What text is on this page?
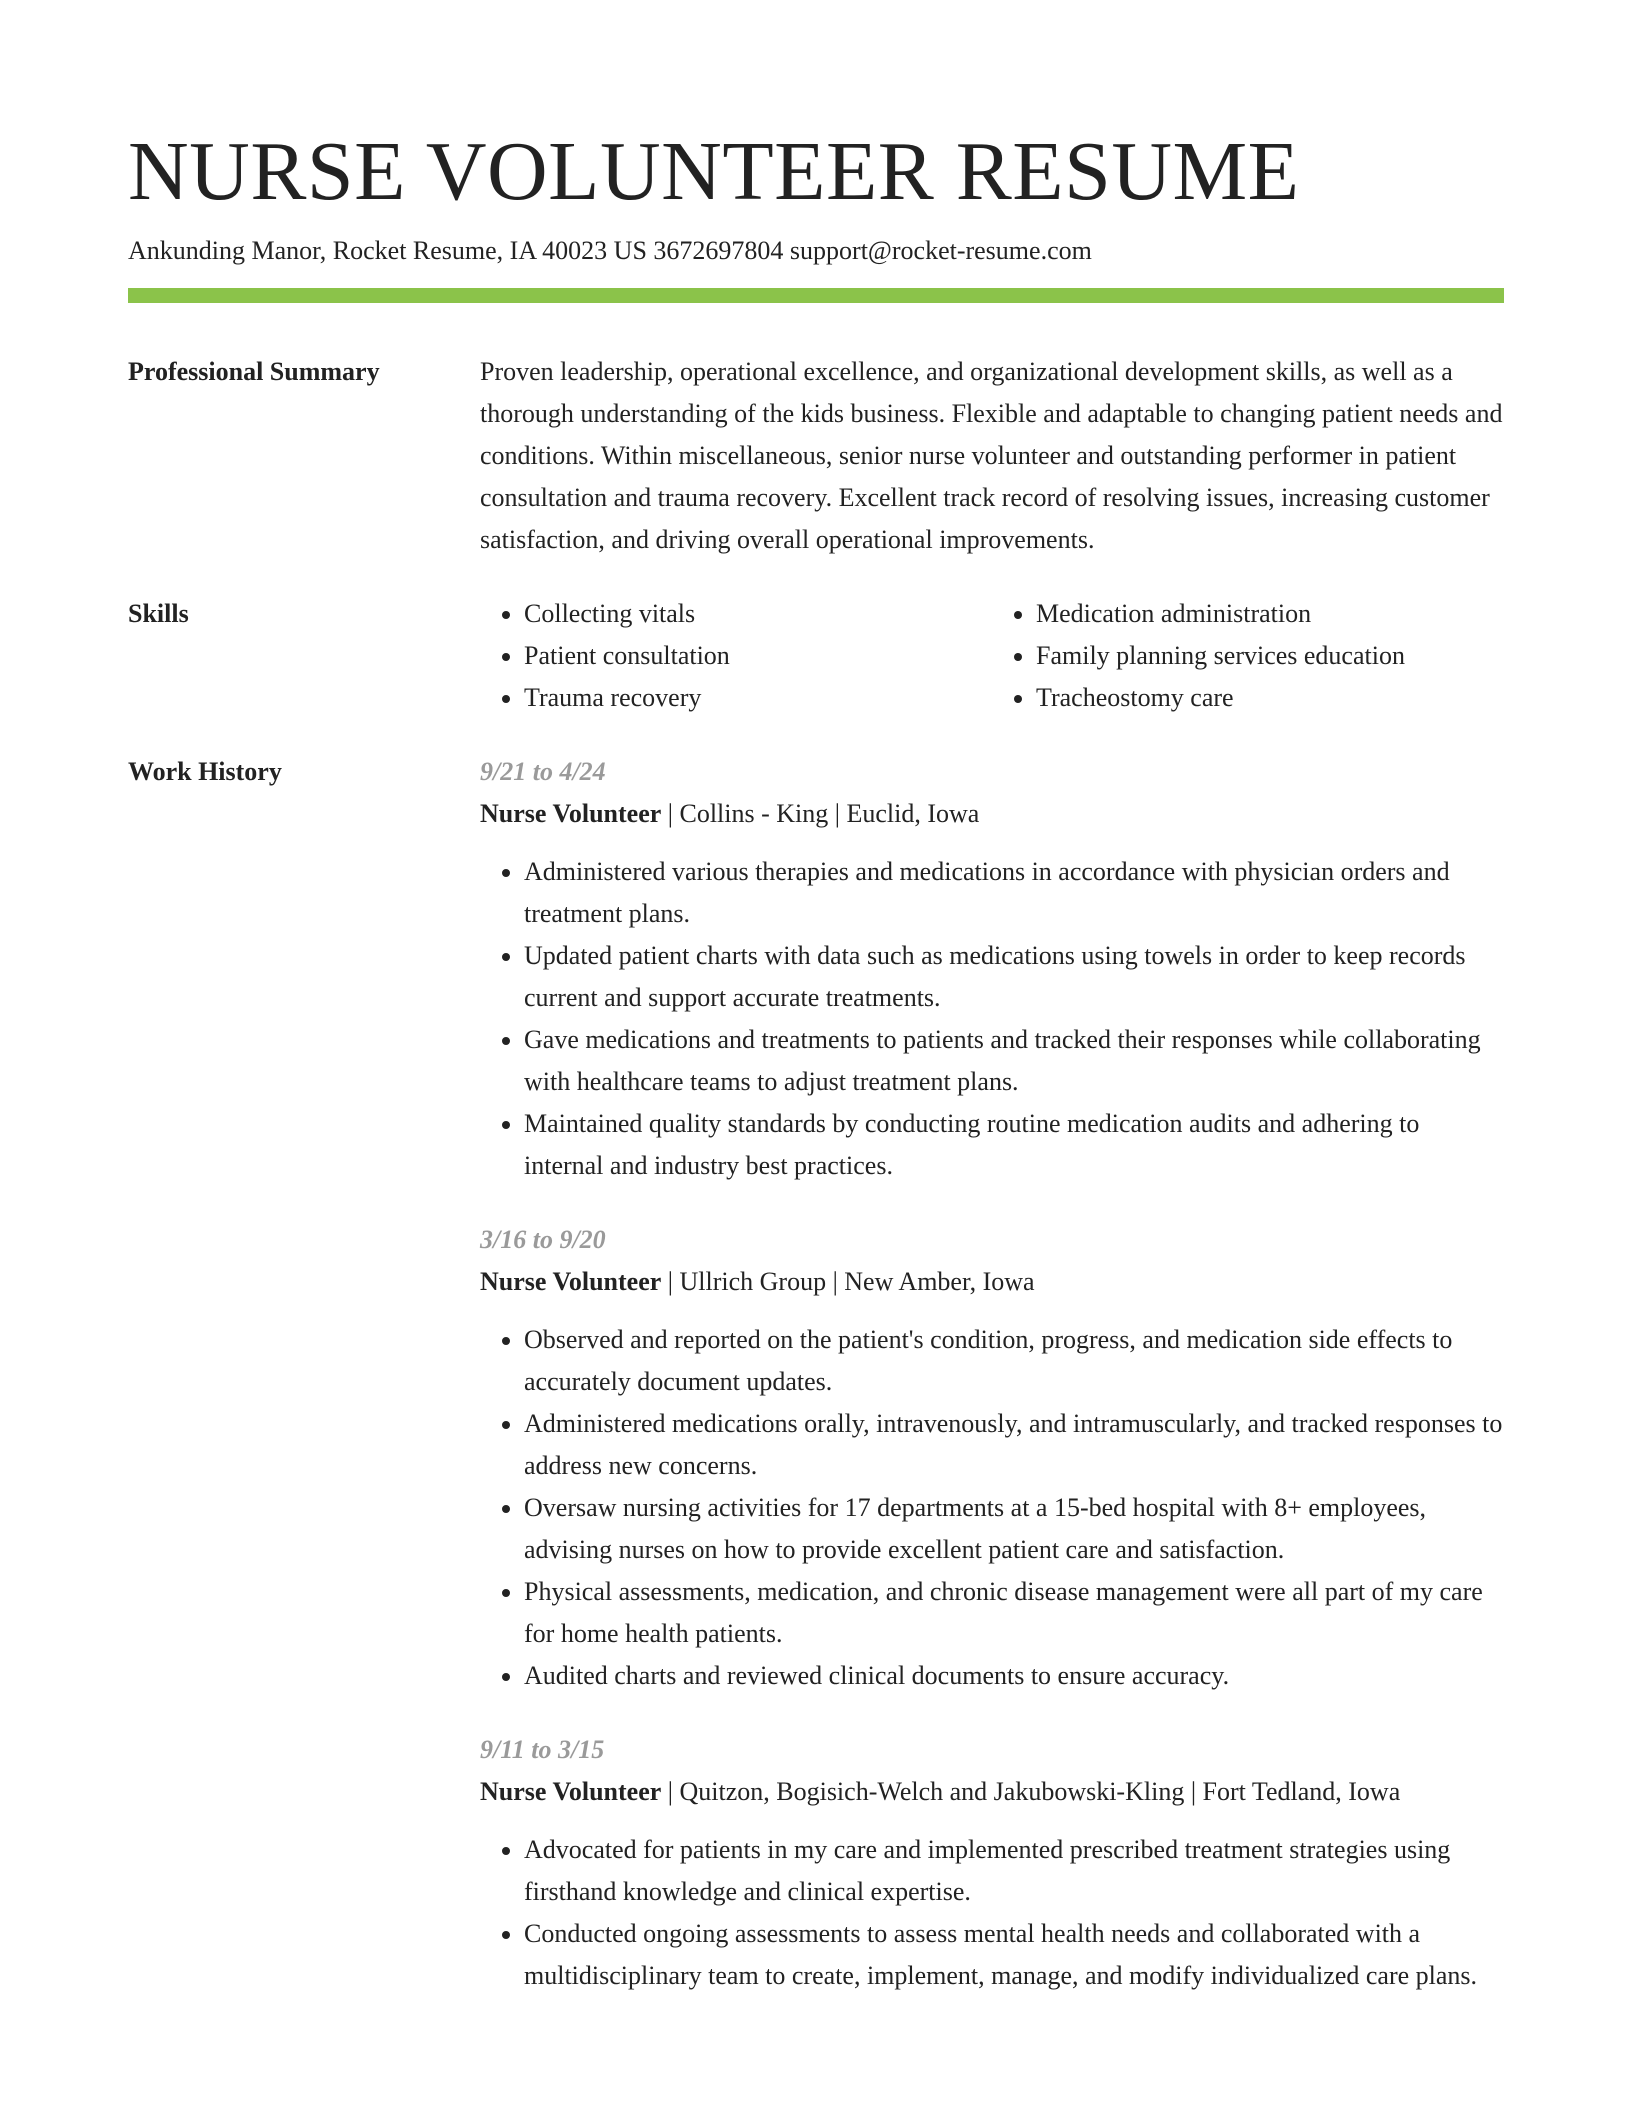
NURSE VOLUNTEER RESUME
Ankunding Manor, Rocket Resume, IA 40023 US 3672697804 support@rocket-resume.com
Professional Summary	Proven leadership, operational excellence, and organizational development skills, as well as a thorough understanding of the kids business. Flexible and adaptable to changing patient needs and conditions. Within miscellaneous, senior nurse volunteer and outstanding performer in patient consultation and trauma recovery. Excellent track record of resolving issues, increasing customer satisfaction, and driving overall operational improvements.

Skills
•	Collecting vitals
• Patient consultation
• Trauma recovery
• Medication administration
• Family planning services education
• Tracheostomy care
Work History	9/21 to 4/24
Nurse Volunteer | Collins - King | Euclid, Iowa
• Administered various therapies and medications in accordance with physician orders and treatment plans.
• Updated patient charts with data such as medications using towels in order to keep records current and support accurate treatments.
• Gave medications and treatments to patients and tracked their responses while collaborating with healthcare teams to adjust treatment plans.
• Maintained quality standards by conducting routine medication audits and adhering to internal and industry best practices.
3/16 to 9/20
Nurse Volunteer | Ullrich Group | New Amber, Iowa
• Observed and reported on the patient's condition, progress, and medication side effects to accurately document updates.
• Administered medications orally, intravenously, and intramuscularly, and tracked responses to address new concerns.
• Oversaw nursing activities for 17 departments at a 15-bed hospital with 8+ employees, advising nurses on how to provide excellent patient care and satisfaction.
• Physical assessments, medication, and chronic disease management were all part of my care for home health patients.
• Audited charts and reviewed clinical documents to ensure accuracy.
9/11 to 3/15
Nurse Volunteer | Quitzon, Bogisich-Welch and Jakubowski-Kling | Fort Tedland, Iowa
• Advocated for patients in my care and implemented prescribed treatment strategies using firsthand knowledge and clinical expertise.
• Conducted ongoing assessments to assess mental health needs and collaborated with a multidisciplinary team to create, implement, manage, and modify individualized care plans.
